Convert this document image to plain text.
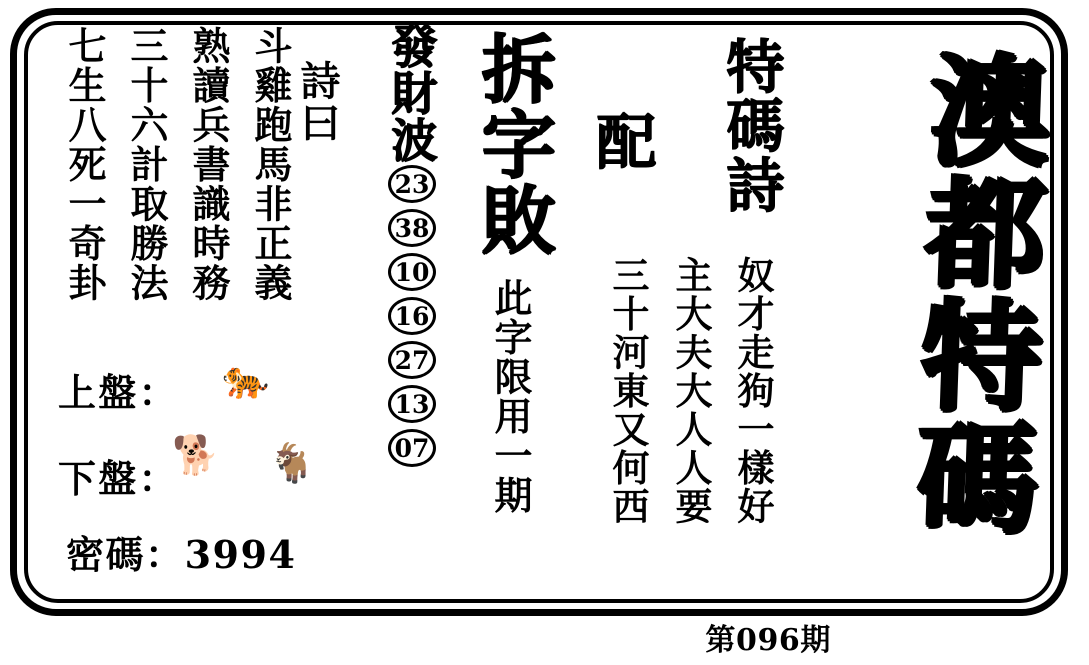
澳都特碼
特碼詩
配
奴才走狗一樣好
主大夫大人人要
三十河東又何西
拆字敗
此字限用一期
發財波
23
38
10
16
27
13
07
詩曰
斗雞跑馬非正義
熟讀兵書識時務
三十六計取勝法
七生八死一奇卦
上盤： 🐅
下盤：
🐕 🐐
密碼：3994
第096期
